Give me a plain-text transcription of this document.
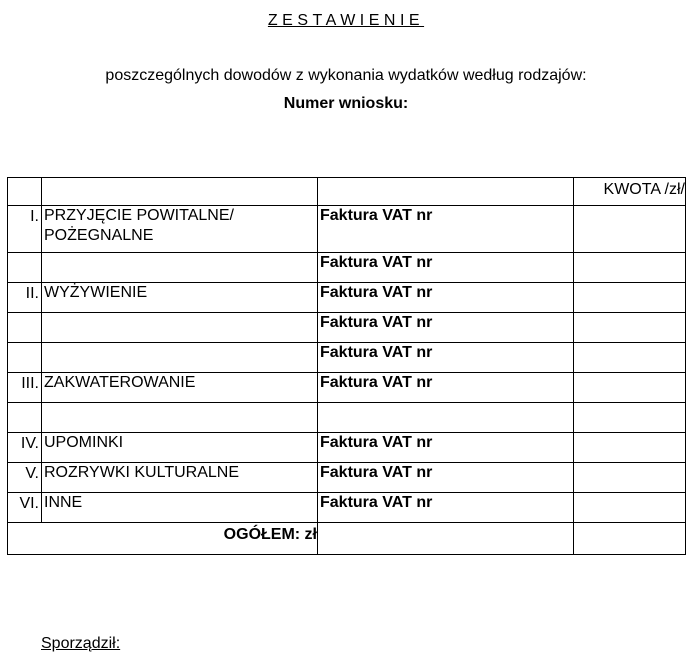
ZESTAWIENIE
poszczególnych dowodów z wykonania wydatków według rodzajów:
Numer wniosku:
			KWOTA /zł/
I.	PRZYJĘCIE POWITALNE/ POŻEGNALNE	Faktura VAT nr	
		Faktura VAT nr	
II.	WYŻYWIENIE	Faktura VAT nr	
		Faktura VAT nr	
		Faktura VAT nr	
III.	ZAKWATEROWANIE	Faktura VAT nr	

IV.	UPOMINKI	Faktura VAT nr	
V.	ROZRYWKI KULTURALNE	Faktura VAT nr	
VI.	INNE	Faktura VAT nr	
OGÓŁEM: zł			
Sporządził:
